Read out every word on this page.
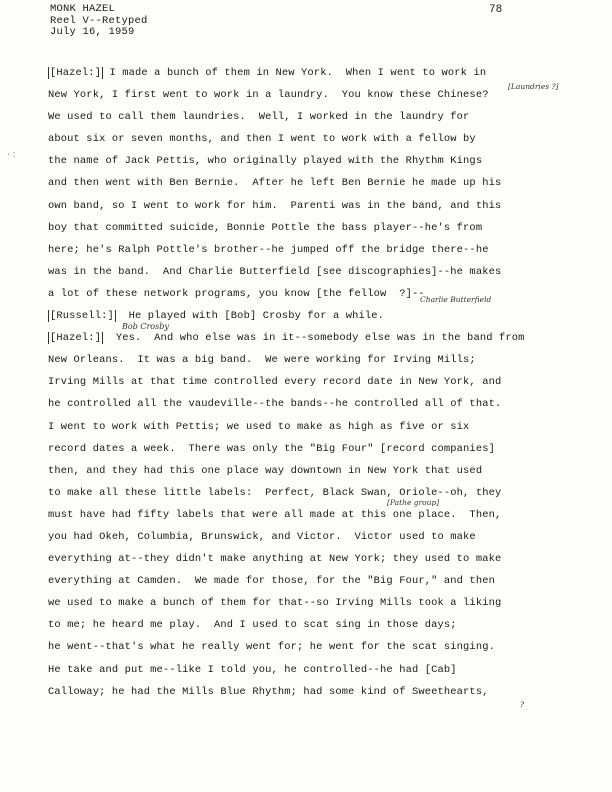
MONK HAZEL
Reel V--Retyped
July 16, 1959
78
·:
[Hazel:] I made a bunch of them in New York.  When I went to work in
New York, I first went to work in a laundry.  You know these Chinese?
We used to call them laundries.  Well, I worked in the laundry for
about six or seven months, and then I went to work with a fellow by
the name of Jack Pettis, who originally played with the Rhythm Kings
and then went with Ben Bernie.  After he left Ben Bernie he made up his
own band, so I went to work for him.  Parenti was in the band, and this
boy that committed suicide, Bonnie Pottle the bass player--he's from
here; he's Ralph Pottle's brother--he jumped off the bridge there--he
was in the band.  And Charlie Butterfield [see discographies]--he makes
a lot of these network programs, you know [the fellow  ?]--
[Russell:]  He played with [Bob] Crosby for a while.
[Hazel:]  Yes.  And who else was in it--somebody else was in the band from
New Orleans.  It was a big band.  We were working for Irving Mills;
Irving Mills at that time controlled every record date in New York, and
he controlled all the vaudeville--the bands--he controlled all of that.
I went to work with Pettis; we used to make as high as five or six
record dates a week.  There was only the "Big Four" [record companies]
then, and they had this one place way downtown in New York that used
to make all these little labels:  Perfect, Black Swan, Oriole--oh, they
must have had fifty labels that were all made at this one place.  Then,
you had Okeh, Columbia, Brunswick, and Victor.  Victor used to make
everything at--they didn't make anything at New York; they used to make
everything at Camden.  We made for those, for the "Big Four," and then
we used to make a bunch of them for that--so Irving Mills took a liking
to me; he heard me play.  And I used to scat sing in those days;
he went--that's what he really went for; he went for the scat singing.
He take and put me--like I told you, he controlled--he had [Cab]
Calloway; he had the Mills Blue Rhythm; had some kind of Sweethearts,
[Laundries ?]
Bob Crosby
Charlie Butterfield
[Pathe group]
?
